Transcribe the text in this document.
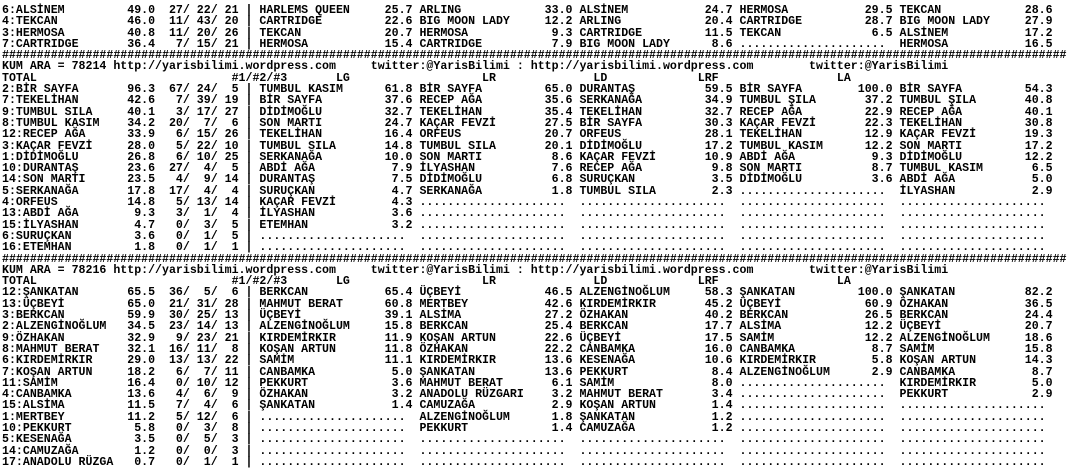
6:ALSİNEM         49.0  27/ 22/ 21 | HARLEMS QUEEN     25.7 ARLING            33.0 ALSİNEM           24.7 HERMOSA           29.5 TEKCAN            28.6
4:TEKCAN          46.0  11/ 43/ 20 | CARTRIDGE         22.6 BIG MOON LADY     12.2 ARLING            20.4 CARTRIDGE         28.7 BIG MOON LADY     27.9
3:HERMOSA         40.8  11/ 20/ 26 | TEKCAN            20.7 HERMOSA            9.3 CARTRIDGE         11.5 TEKCAN             6.5 ALSİNEM           17.2
7:CARTRIDGE       36.4   7/ 15/ 21 | HERMOSA           15.4 CARTRIDGE          7.9 BIG MOON LADY      8.6 .....................  HERMOSA           16.5
#########################################################################################################################################################
KUM ARA = 78214 http://yarisbilimi.wordpress.com     twitter:@YarisBilimi : http://yarisbilimi.wordpress.com        twitter:@YarisBilimi
TOTAL                            #1/#2/#3       LG                   LR              LD             LRF                 LA
2:BİR SAYFA       96.3  67/ 24/  5 | TUMBUL KASIM      61.8 BİR SAYFA         65.0 DURANTAŞ          59.5 BİR SAYFA        100.0 BİR SAYFA         54.3
7:TEKELİHAN       42.6   7/ 39/ 19 | BİR SAYFA         37.6 RECEP AĞA         35.6 SERKANAĞA         34.9 TUMBUL ŞILA       37.2 TUMBUL ŞILA       40.8
9:TUMBUL SILA     40.1   3/ 17/ 27 | DİDİMOĞLU         32.7 TEKELİHAN         35.4 TEKELİHAN         32.7 RECEP AĞA         22.9 RECEP AĞA         40.1
8:TUMBUL KASIM    34.2  20/  7/  6 | SON MARTI         24.7 KAÇAR FEVZİ       27.5 BİR SAYFA         30.3 KAÇAR FEVZİ       22.3 TEKELİHAN         30.8
12:RECEP AĞA      33.9   6/ 15/ 26 | TEKELİHAN         16.4 ORFEUS            20.7 ORFEUS            28.1 TEKELİHAN         12.9 KAÇAR FEVZİ       19.3
3:KAÇAR FEVZİ     28.0   5/ 22/ 10 | TUMBUL SILA       14.8 TUMBUL SILA       20.1 DİDİMOĞLU         17.2 TUMBUL KASIM      12.2 SON MARTI         17.2
1:DİDİMOĞLU       26.8   6/ 10/ 25 | SERKANAĞA         10.0 SON MARTI          8.6 KAÇAR FEVZİ       10.9 ABDİ AĞA           9.3 DİDİMOĞLU         12.2
10:DURANTAŞ       23.6  27/  4/  5 | ABDİ AĞA           7.9 İLYASHAN           7.6 RECEP AĞA          9.8 SON MARTI          8.7 TUMBUL KASIM       6.5
14:SON MARTI      23.5   4/  9/ 14 | DURANTAŞ           7.5 DİDİMOĞLU          6.8 SURUÇKAN           3.5 DİDİMOĞLU          3.6 ABDİ AĞA           5.0
5:SERKANAĞA       17.8  17/  4/  4 | SURUÇKAN           4.7 SERKANAĞA          1.8 TUMBUL SILA        2.3 .....................  İLYASHAN           2.9
4:ORFEUS          14.8   5/ 13/ 14 | KAÇAR FEVZİ        4.3 .....................  .....................  .....................  .....................
13:ABDİ AĞA        9.3   3/  1/  4 | İLYASHAN           3.6 .....................  .....................  .....................  .....................
15:İLYASHAN        4.7   0/  3/  5 | ETEMHAN            3.2 .....................  .....................  .....................  .....................
6:SURUÇKAN         3.6   0/  1/  5 | .....................  .....................  .....................  .....................  .....................
16:ETEMHAN         1.8   0/  1/  1 | .....................  .....................  .....................  .....................  .....................
#########################################################################################################################################################
KUM ARA = 78216 http://yarisbilimi.wordpress.com     twitter:@YarisBilimi : http://yarisbilimi.wordpress.com        twitter:@YarisBilimi
TOTAL                            #1/#2/#3       LG                   LR              LD             LRF                 LA
12:ŞANKATAN       65.5  36/  5/  6 | BERKCAN           65.4 ÜÇBEYİ            46.5 ALZENGİNOĞLUM     58.3 ŞANKATAN         100.0 ŞANKATAN          82.2
13:ÜÇBEYİ         65.0  21/ 31/ 28 | MAHMUT BERAT      60.8 MERTBEY           42.6 KIRDEMİRKIR       45.2 ÜÇBEYİ            60.9 ÖZHAKAN           36.5
3:BERKCAN         59.9  30/ 25/ 13 | ÜÇBEYİ            39.1 ALSİMA            27.2 ÖZHAKAN           40.2 BERKCAN           26.5 BERKCAN           24.4
2:ALZENGİNOĞLUM   34.5  23/ 14/ 13 | ALZENGİNOĞLUM     15.8 BERKCAN           25.4 BERKCAN           17.7 ALSİMA            12.2 ÜÇBEYİ            20.7
9:ÖZHAKAN         32.9   9/ 23/ 21 | KIRDEMİRKIR       11.9 KOŞAN ARTUN       22.6 ÜÇBEYİ            17.5 SAMİM             12.2 ALZENGİNOĞLUM     18.6
8:MAHMUT BERAT    32.1  16/ 11/  8 | KOŞAN ARTUN       11.8 ÖZHAKAN           22.2 CANBAMKA          16.0 CANBAMKA           8.7 SAMİM             15.8
6:KIRDEMİRKIR     29.0  13/ 13/ 22 | SAMİM             11.1 KIRDEMİRKIR       13.6 KESENAĞA          10.6 KIRDEMİRKIR        5.8 KOŞAN ARTUN       14.3
7:KOŞAN ARTUN     18.2   6/  7/ 11 | CANBAMKA           5.0 ŞANKATAN          13.6 PEKKURT            8.4 ALZENGİNOĞLUM      2.9 CANBAMKA           8.7
11:SAMİM          16.4   0/ 10/ 12 | PEKKURT            3.6 MAHMUT BERAT       6.1 SAMİM              8.0 .....................  KIRDEMİRKIR        5.0
4:CANBAMKA        13.6   4/  6/  9 | ÖZHAKAN            3.2 ANADOLU RÜZGARI    3.2 MAHMUT BERAT       3.4 .....................  PEKKURT            2.9
15:ALSİMA         11.5   7/  4/  6 | ŞANKATAN           1.4 CAMUZAĞA           2.9 KOŞAN ARTUN        1.4 .....................  .....................
1:MERTBEY         11.2   5/ 12/  6 | .....................  ALZENGİNOĞLUM      1.8 ŞANKATAN           1.2 .....................  .....................
10:PEKKURT         5.8   0/  3/  8 | .....................  PEKKURT            1.4 CAMUZAĞA           1.2 .....................  .....................
5:KESENAĞA         3.5   0/  5/  3 | .....................  .....................  .....................  .....................  .....................
14:CAMUZAĞA        1.2   0/  0/  3 | .....................  .....................  .....................  .....................  .....................
17:ANADOLU RÜZGA   0.7   0/  1/  1 | .....................  .....................  .....................  .....................  .....................
